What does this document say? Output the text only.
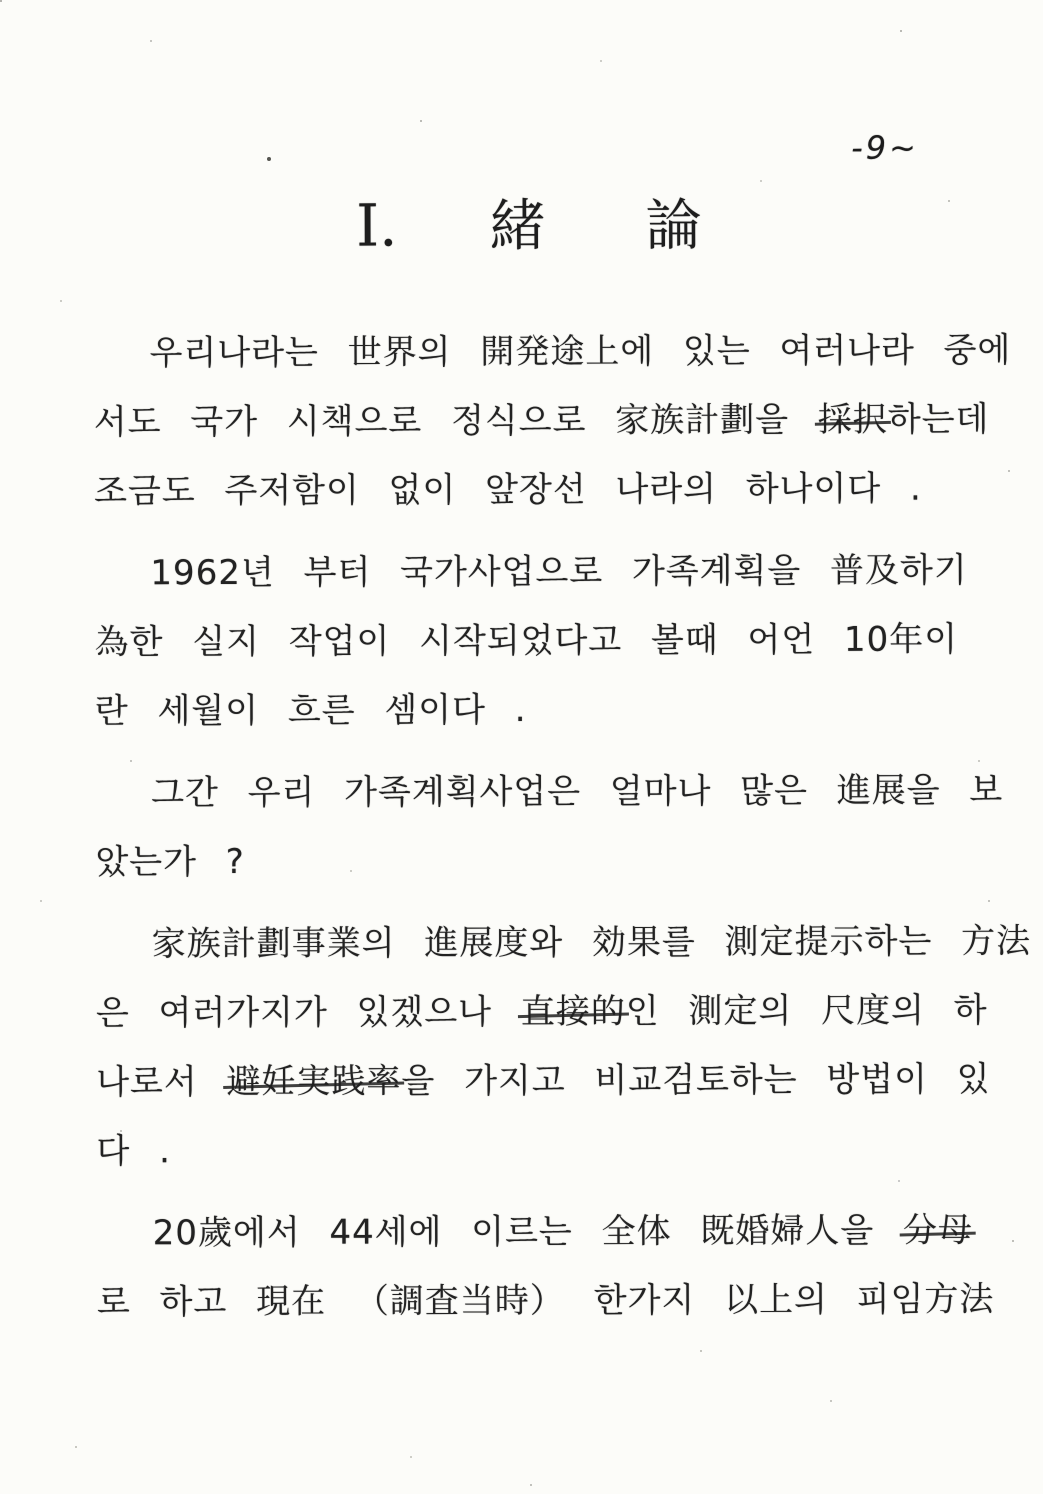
-9~
I. 緒論
우리나라는 世界의 開発途上에 있는 여러나라 중에
서도 국가 시책으로 정식으로 家族計劃을 採択하는데
조금도 주저함이 없이 앞장선 나라의 하나이다 .
1962년 부터 국가사업으로 가족계획을 普及하기
為한 실지 작업이 시작되었다고 볼때 어언 10年이
란 세월이 흐른 셈이다 .
그간 우리 가족계획사업은 얼마나 많은 進展을 보
았는가 ?
家族計劃事業의 進展度와 効果를 測定提示하는 方法
은 여러가지가 있겠으나 直接的인 測定의 尺度의 하
나로서 避妊実践率을 가지고 비교검토하는 방법이 있
다 .
20歲에서 44세에 이르는 全体 既婚婦人을 分母
로 하고 現在 （調査当時） 한가지 以上의 피임方法
